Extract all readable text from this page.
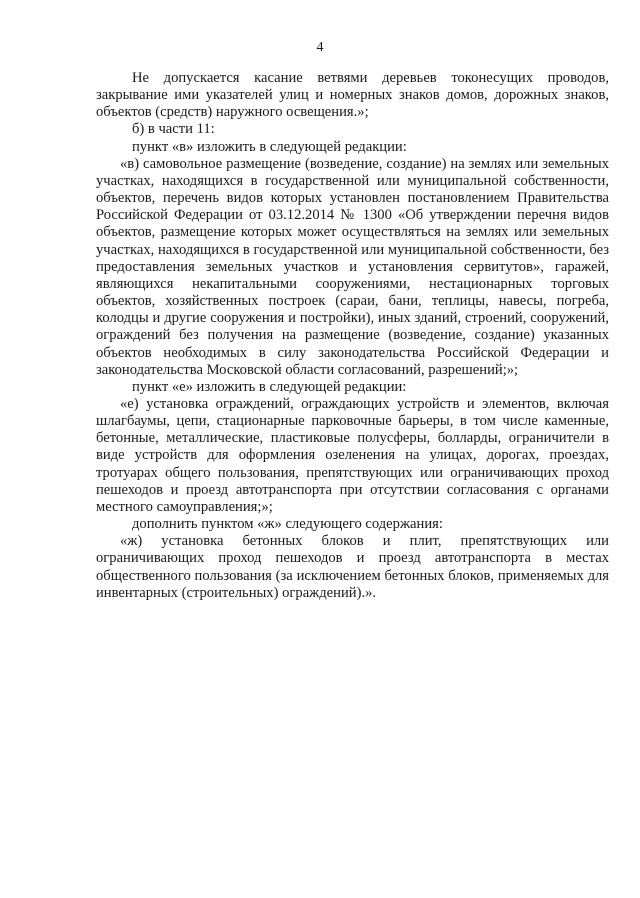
4

Не допускается касание ветвями деревьев токонесущих проводов, закрывание ими указателей улиц и номерных знаков домов, дорожных знаков, объектов (средств) наружного освещения.»;

б) в части 11:

пункт «в» изложить в следующей редакции:

«в) самовольное размещение (возведение, создание) на землях или земельных участках, находящихся в государственной или муниципальной собственности, объектов, перечень видов которых установлен постановлением Правительства Российской Федерации от 03.12.2014 № 1300 «Об утверждении перечня видов объектов, размещение которых может осуществляться на землях или земельных участках, находящихся в государственной или муниципальной собственности, без предоставления земельных участков и установления сервитутов», гаражей, являющихся некапитальными сооружениями, нестационарных торговых объектов, хозяйственных построек (сараи, бани, теплицы, навесы, погреба, колодцы и другие сооружения и постройки), иных зданий, строений, сооружений, ограждений без получения на размещение (возведение, создание) указанных объектов необходимых в силу законодательства Российской Федерации и законодательства Московской области согласований, разрешений;»;

пункт «е» изложить в следующей редакции:

«е) установка ограждений, ограждающих устройств и элементов, включая шлагбаумы, цепи, стационарные парковочные барьеры, в том числе каменные, бетонные, металлические, пластиковые полусферы, болларды, ограничители в виде устройств для оформления озеленения на улицах, дорогах, проездах, тротуарах общего пользования, препятствующих или ограничивающих проход пешеходов и проезд автотранспорта при отсутствии согласования с органами местного самоуправления;»;

дополнить пунктом «ж» следующего содержания:

«ж) установка бетонных блоков и плит, препятствующих или ограничивающих проход пешеходов и проезд автотранспорта в местах общественного пользования (за исключением бетонных блоков, применяемых для инвентарных (строительных) ограждений).».
